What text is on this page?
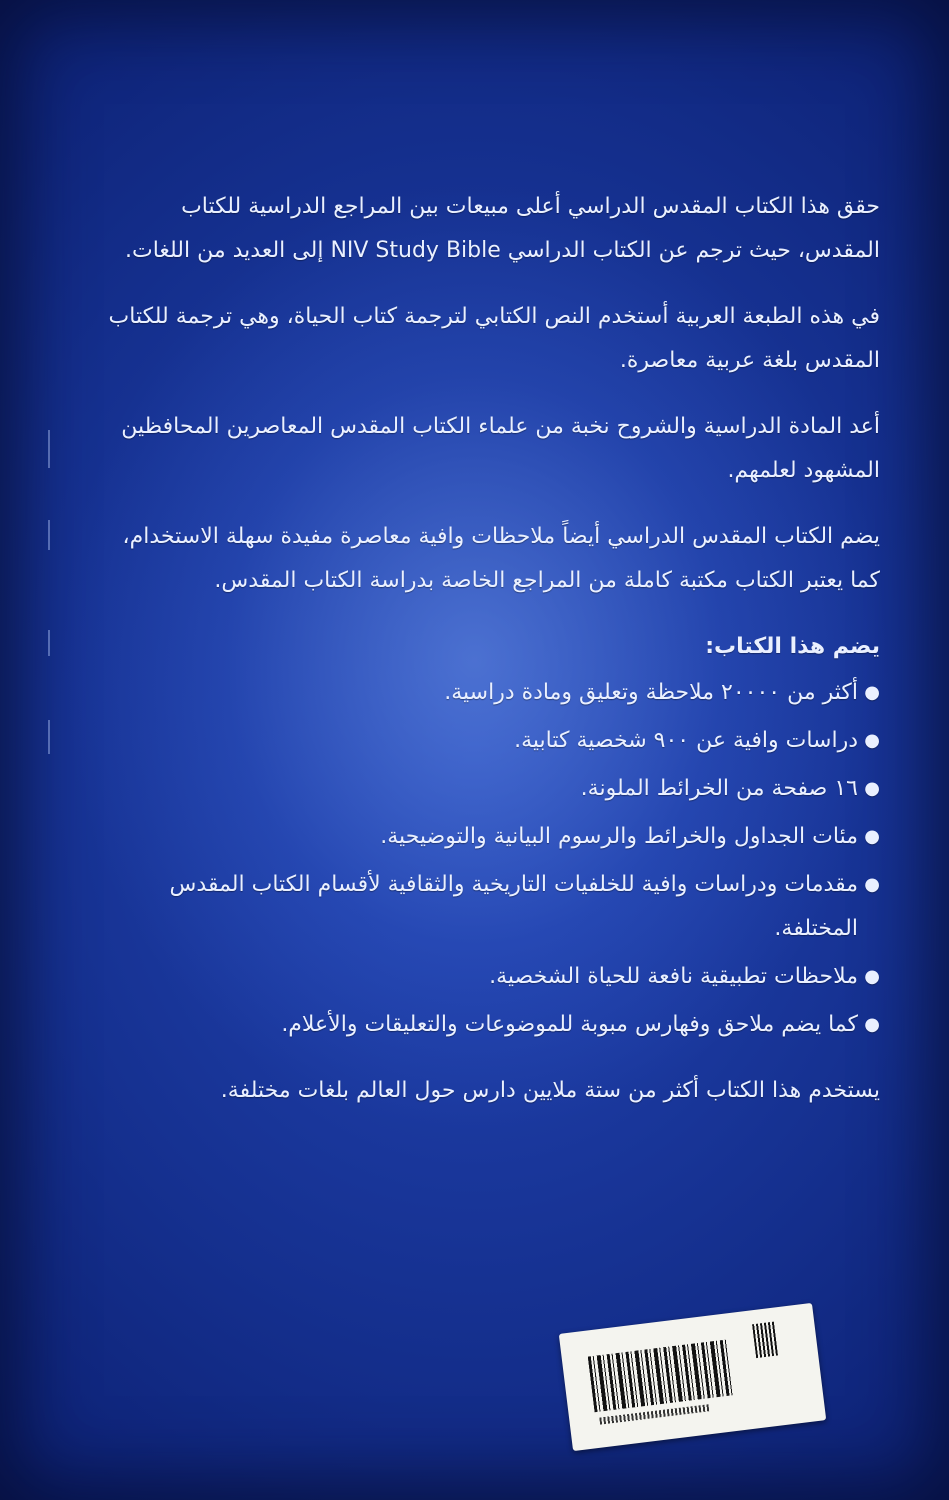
حقق هذا الكتاب المقدس الدراسي أعلى مبيعات بين المراجع الدراسية للكتاب المقدس، حيث ترجم عن الكتاب الدراسي NIV Study Bible إلى العديد من اللغات.

في هذه الطبعة العربية أستخدم النص الكتابي لترجمة كتاب الحياة، وهي ترجمة للكتاب المقدس بلغة عربية معاصرة.

أعد المادة الدراسية والشروح نخبة من علماء الكتاب المقدس المعاصرين المحافظين المشهود لعلمهم.

يضم الكتاب المقدس الدراسي أيضاً ملاحظات وافية معاصرة مفيدة سهلة الاستخدام، كما يعتبر الكتاب مكتبة كاملة من المراجع الخاصة بدراسة الكتاب المقدس.

يضم هذا الكتاب:
●
أكثر من ٢٠٠٠٠ ملاحظة وتعليق ومادة دراسية.
●
دراسات وافية عن ٩٠٠ شخصية كتابية.
●
١٦ صفحة من الخرائط الملونة.
●
مئات الجداول والخرائط والرسوم البيانية والتوضيحية.
●
مقدمات ودراسات وافية للخلفيات التاريخية والثقافية لأقسام الكتاب المقدس المختلفة.
●
ملاحظات تطبيقية نافعة للحياة الشخصية.
●
كما يضم ملاحق وفهارس مبوبة للموضوعات والتعليقات والأعلام.

يستخدم هذا الكتاب أكثر من ستة ملايين دارس حول العالم بلغات مختلفة.
